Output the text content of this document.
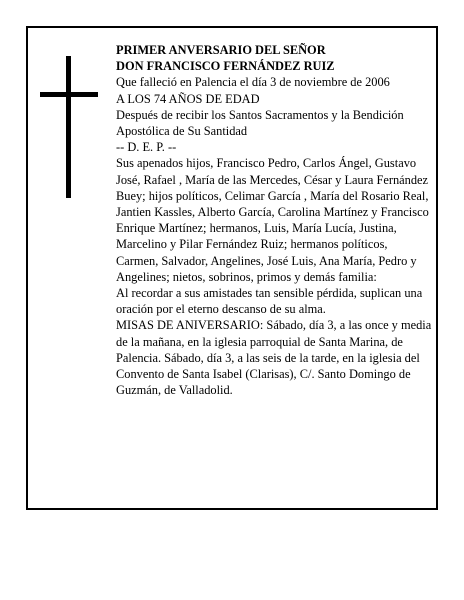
PRIMER ANVERSARIO DEL SEÑOR

DON FRANCISCO FERNÁNDEZ RUIZ

Que falleció en Palencia el día 3 de noviembre de 2006

A LOS 74 AÑOS DE EDAD

Después de recibir los Santos Sacramentos y la Bendición Apostólica de Su Santidad

-- D. E. P. --

Sus apenados hijos, Francisco Pedro, Carlos Ángel, Gustavo José, Rafael , María de las Mercedes, César y Laura Fernández Buey; hijos políticos, Celimar García , María del Rosario Real, Jantien Kassles, Alberto García, Carolina Martínez y Francisco Enrique Martínez; hermanos, Luis, María Lucía, Justina, Marcelino y Pilar Fernández Ruiz; hermanos políticos, Carmen, Salvador, Angelines, José Luis, Ana María, Pedro y Angelines; nietos, sobrinos, primos y demás familia:

Al recordar a sus amistades tan sensible pérdida, suplican una oración por el eterno descanso de su alma.

MISAS DE ANIVERSARIO: Sábado, día 3, a las once y media de la mañana, en la iglesia parroquial de Santa Marina, de Palencia. Sábado, día 3, a las seis de la tarde, en la iglesia del Convento de Santa Isabel (Clarisas), C/. Santo Domingo de Guzmán, de Valladolid.
